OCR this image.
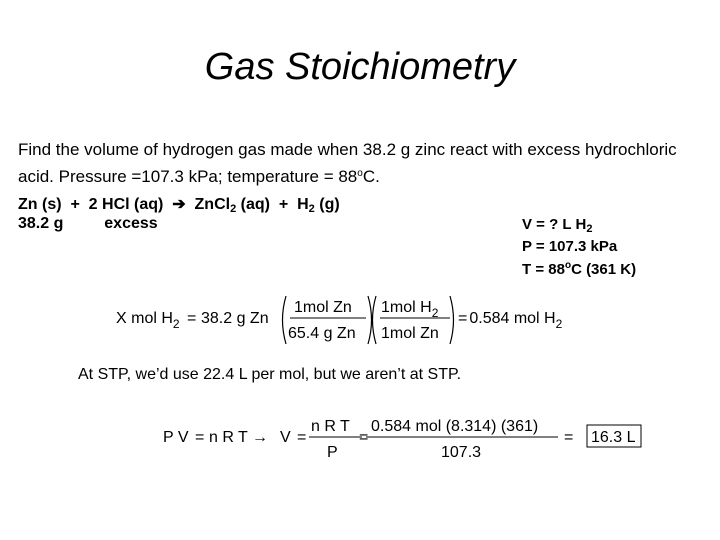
Gas Stoichiometry
Find the volume of hydrogen gas made when 38.2 g zinc react with excess hydrochloric
acid. Pressure =107.3 kPa; temperature = $88^oC$.
Zn (s) + 2 HCl (aq) ➔ ZnCl$_2$ $(aq) + H_2$ (g)
38.2 g	excess	V = ? L $H_2$
P = 107.3 kPa
$T = 88^oC$ (361 K)
X mol $H_2 = 38.2$ g Zn
1mol Zn
65.4 g Zn
1mol $H_2$
1mol Zn
= 0.584 mol $H_2$
P V = n R T → V =
n R T
P
0.584 mol (8.314) (361)
107.3
=	= 16.3 L
At STP, we’d use 22.4 L per mol, but we aren’t at STP.
